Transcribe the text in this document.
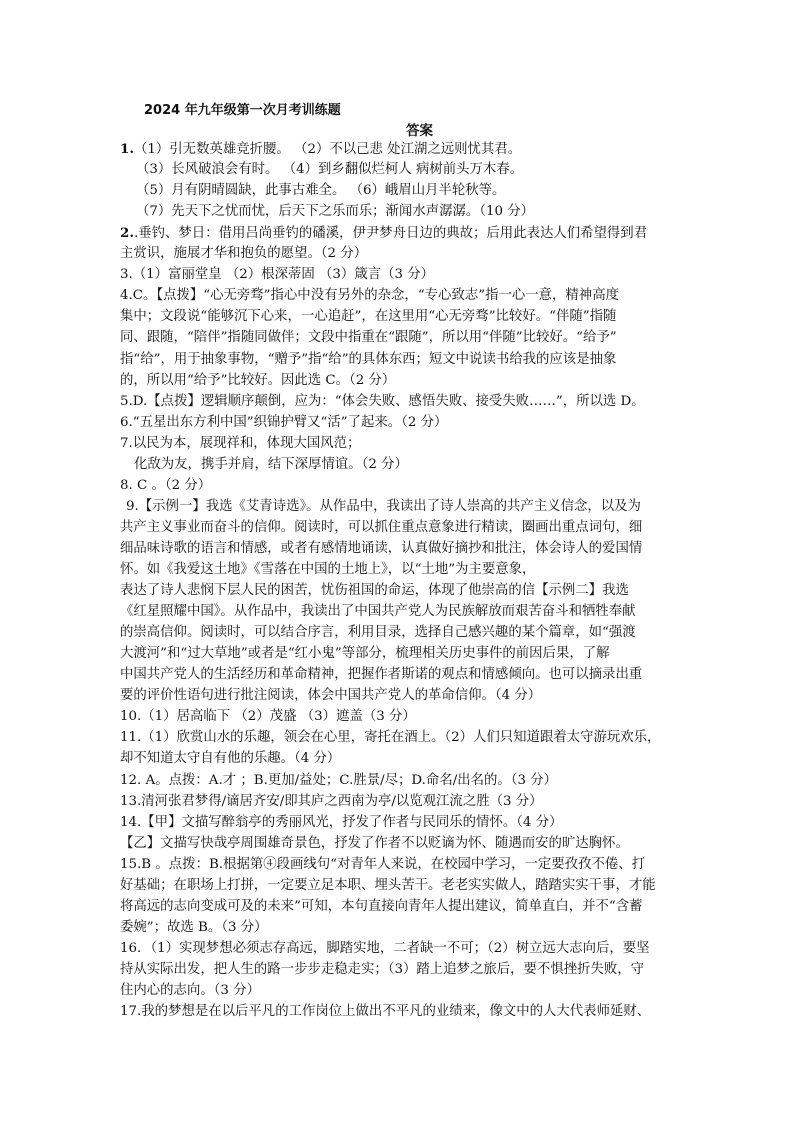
2024 年九年级第一次月考训练题
答案
1.（1）引无数英雄竞折腰。 （2）不以己悲 处江湖之远则忧其君。
（3）长风破浪会有时。 （4）到乡翻似烂柯人 病树前头万木春。
（5）月有阴晴圆缺，此事古难全。 （6）峨眉山月半轮秋等。
（7）先天下之忧而忧，后天下之乐而乐；渐闻水声潺潺。（10 分）
2..垂钓、梦日：借用吕尚垂钓的磻溪，伊尹梦舟日边的典故；后用此表达人们希望得到君
主赏识，施展才华和抱负的愿望。（2 分）
3.（1）富丽堂皇 （2）根深蒂固 （3）箴言（3 分）
4.C。【点拨】“心无旁骛”指心中没有另外的杂念，“专心致志”指一心一意，精神高度
集中；文段说“能够沉下心来，一心追赶”，在这里用“心无旁骛”比较好。“伴随”指随
同、跟随，“陪伴”指随同做伴；文段中指重在“跟随”，所以用“伴随”比较好。“给予”
指“给”，用于抽象事物，“赠予”指“给”的具体东西；短文中说读书给我的应该是抽象
的，所以用“给予”比较好。因此选 C。（2 分）
5.D.【点拨】逻辑顺序颠倒，应为：“体会失败、感悟失败、接受失败……”，所以选 D。
6.“五星出东方利中国”织锦护臂又“活”了起来。（2 分）
7.以民为本，展现祥和，体现大国风范；
化敌为友，携手并肩，结下深厚情谊。（2 分）
8. C 。（2 分）
9.【示例一】我选《艾青诗选》。从作品中，我读出了诗人崇高的共产主义信念，以及为
共产主义事业而奋斗的信仰。阅读时，可以抓住重点意象进行精读，圈画出重点词句，细
细品味诗歌的语言和情感，或者有感情地诵读，认真做好摘抄和批注，体会诗人的爱国情
怀。如《我爱这土地》《雪落在中国的土地上》，以“土地”为主要意象，
表达了诗人悲悯下层人民的困苦，忧伤祖国的命运，体现了他崇高的信【示例二】我选
《红星照耀中国》。从作品中，我读出了中国共产党人为民族解放而艰苦奋斗和牺牲奉献
的崇高信仰。阅读时，可以结合序言，利用目录，选择自己感兴趣的某个篇章，如“强渡
大渡河”和“过大草地”或者是“红小鬼”等部分，梳理相关历史事件的前因后果，了解
中国共产党人的生活经历和革命精神，把握作者斯诺的观点和情感倾向。也可以摘录出重
要的评价性语句进行批注阅读，体会中国共产党人的革命信仰。（4 分）
10.（1）居高临下 （2）茂盛 （3）遮盖（3 分）
11.（1）欣赏山水的乐趣，领会在心里，寄托在酒上。（2）人们只知道跟着太守游玩欢乐，
却不知道太守自有他的乐趣。（4 分）
12. A。点拨：A.才 ；B.更加/益处；C.胜景/尽；D.命名/出名的。（3 分）
13.清河张君梦得/谪居齐安/即其庐之西南为亭/以览观江流之胜（3 分）
14.【甲】文描写醉翁亭的秀丽风光，抒发了作者与民同乐的情怀。（4 分）
【乙】文描写快哉亭周围雄奇景色，抒发了作者不以贬谪为怀、随遇而安的旷达胸怀。
15.B 。点拨：B.根据第④段画线句“对青年人来说，在校园中学习，一定要孜孜不倦、打
好基础；在职场上打拼，一定要立足本职、埋头苦干。老老实实做人，踏踏实实干事，才能
将高远的志向变成可及的未来”可知，本句直接向青年人提出建议，简单直白，并不“含蓄
委婉”；故选 B。（3 分）
16．（1）实现梦想必须志存高远，脚踏实地，二者缺一不可；（2）树立远大志向后，要坚
持从实际出发，把人生的路一步步走稳走实；（3）踏上追梦之旅后，要不惧挫折失败，守
住内心的志向。（3 分）
17.我的梦想是在以后平凡的工作岗位上做出不平凡的业绩来，像文中的人大代表师延财、
